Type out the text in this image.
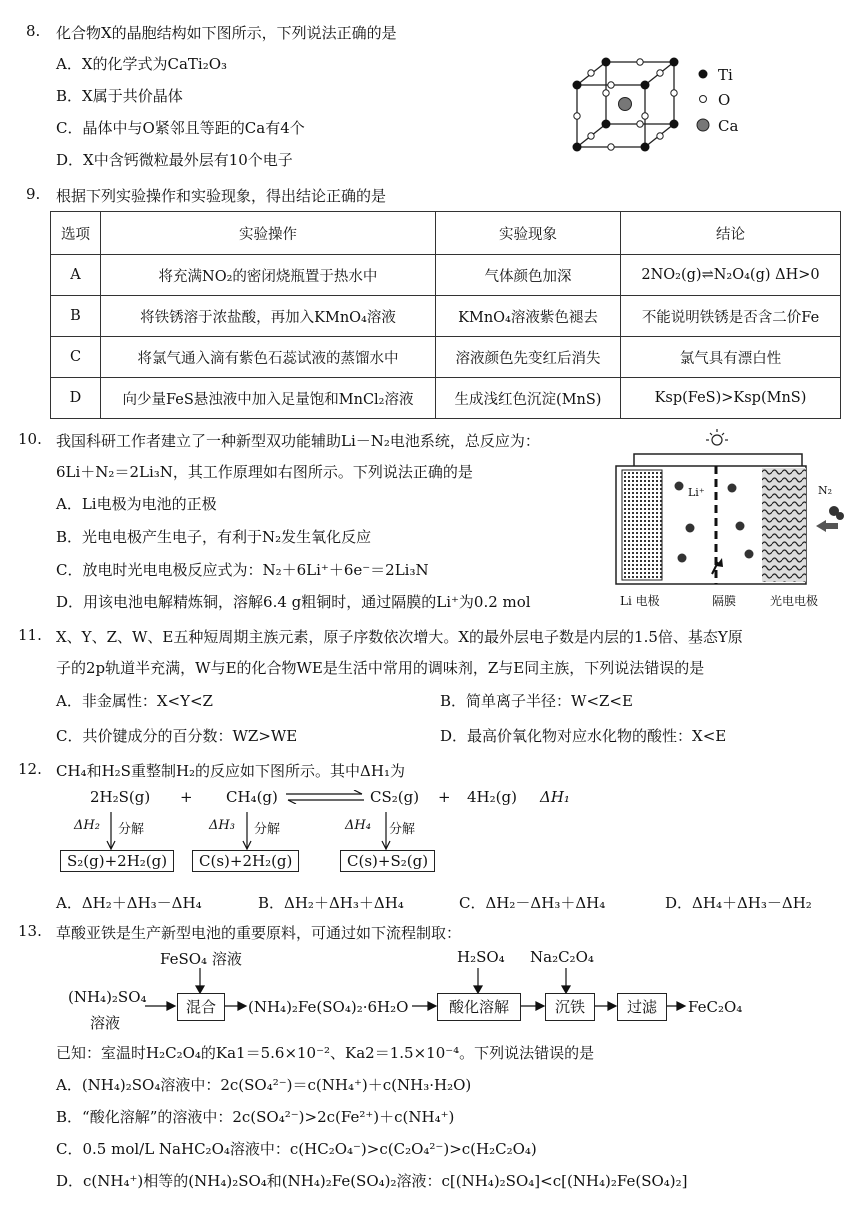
8. 化合物X的晶胞结构如下图所示，下列说法正确的是
A．X的化学式为CaTi₂O₃
B．X属于共价晶体
C．晶体中与O紧邻且等距的Ca有4个
D．X中含钙微粒最外层有10个电子
Ti
O
Ca
9. 根据下列实验操作和实验现象，得出结论正确的是
选项	实验操作	实验现象	结论
A	将充满NO₂的密闭烧瓶置于热水中	气体颜色加深	2NO₂(g)⇌N₂O₄(g) ΔH>0
B	将铁锈溶于浓盐酸，再加入KMnO₄溶液	KMnO₄溶液紫色褪去	不能说明铁锈是否含二价Fe
C	将氯气通入滴有紫色石蕊试液的蒸馏水中	溶液颜色先变红后消失	氯气具有漂白性
D	向少量FeS悬浊液中加入足量饱和MnCl₂溶液	生成浅红色沉淀(MnS)	Ksp(FeS)>Ksp(MnS)
10. 我国科研工作者建立了一种新型双功能辅助Li－N₂电池系统，总反应为：
6Li＋N₂＝2Li₃N，其工作原理如右图所示。下列说法正确的是
A．Li电极为电池的正极
B．光电电极产生电子，有利于N₂发生氧化反应
C．放电时光电电极反应式为：N₂＋6Li⁺＋6e⁻＝2Li₃N
D．用该电池电解精炼铜，溶解6.4 g粗铜时，通过隔膜的Li⁺为0.2 mol
Li⁺	N₂
Li 电极	隔膜	光电电极
11. X、Y、Z、W、E五种短周期主族元素，原子序数依次增大。X的最外层电子数是内层的1.5倍、基态Y原
子的2p轨道半充满，W与E的化合物WE是生活中常用的调味剂，Z与E同主族，下列说法错误的是
A．非金属性：X<Y<Z	B．简单离子半径：W<Z<E
C．共价键成分的百分数：WZ>WE	D．最高价氧化物对应水化物的酸性：X<E
12. CH₄和H₂S重整制H₂的反应如下图所示。其中ΔH₁为
2H₂S(g) + CH₄(g)	CS₂(g) + 4H₂(g) ΔH₁
ΔH₂ 分解	ΔH₃ 分解	ΔH₄ 分解
S₂(g)+2H₂(g)	C(s)+2H₂(g)	C(s)+S₂(g)
A．ΔH₂＋ΔH₃－ΔH₄	B．ΔH₂＋ΔH₃＋ΔH₄	C．ΔH₂－ΔH₃＋ΔH₄	D．ΔH₄＋ΔH₃－ΔH₂
13. 草酸亚铁是生产新型电池的重要原料，可通过如下流程制取：
FeSO₄ 溶液	H₂SO₄ Na₂C₂O₄
(NH₄)₂SO₄
溶液
混合	(NH₄)₂Fe(SO₄)₂·6H₂O	酸化溶解	沉铁	过滤	FeC₂O₄
已知：室温时H₂C₂O₄的Ka1＝5.6×10⁻²、Ka2＝1.5×10⁻⁴。下列说法错误的是
A．(NH₄)₂SO₄溶液中：2c(SO₄²⁻)＝c(NH₄⁺)＋c(NH₃·H₂O)
B．“酸化溶解”的溶液中：2c(SO₄²⁻)>2c(Fe²⁺)＋c(NH₄⁺)
C．0.5 mol/L NaHC₂O₄溶液中：c(HC₂O₄⁻)>c(C₂O₄²⁻)>c(H₂C₂O₄)
D．c(NH₄⁺)相等的(NH₄)₂SO₄和(NH₄)₂Fe(SO₄)₂溶液：c[(NH₄)₂SO₄]<c[(NH₄)₂Fe(SO₄)₂]
